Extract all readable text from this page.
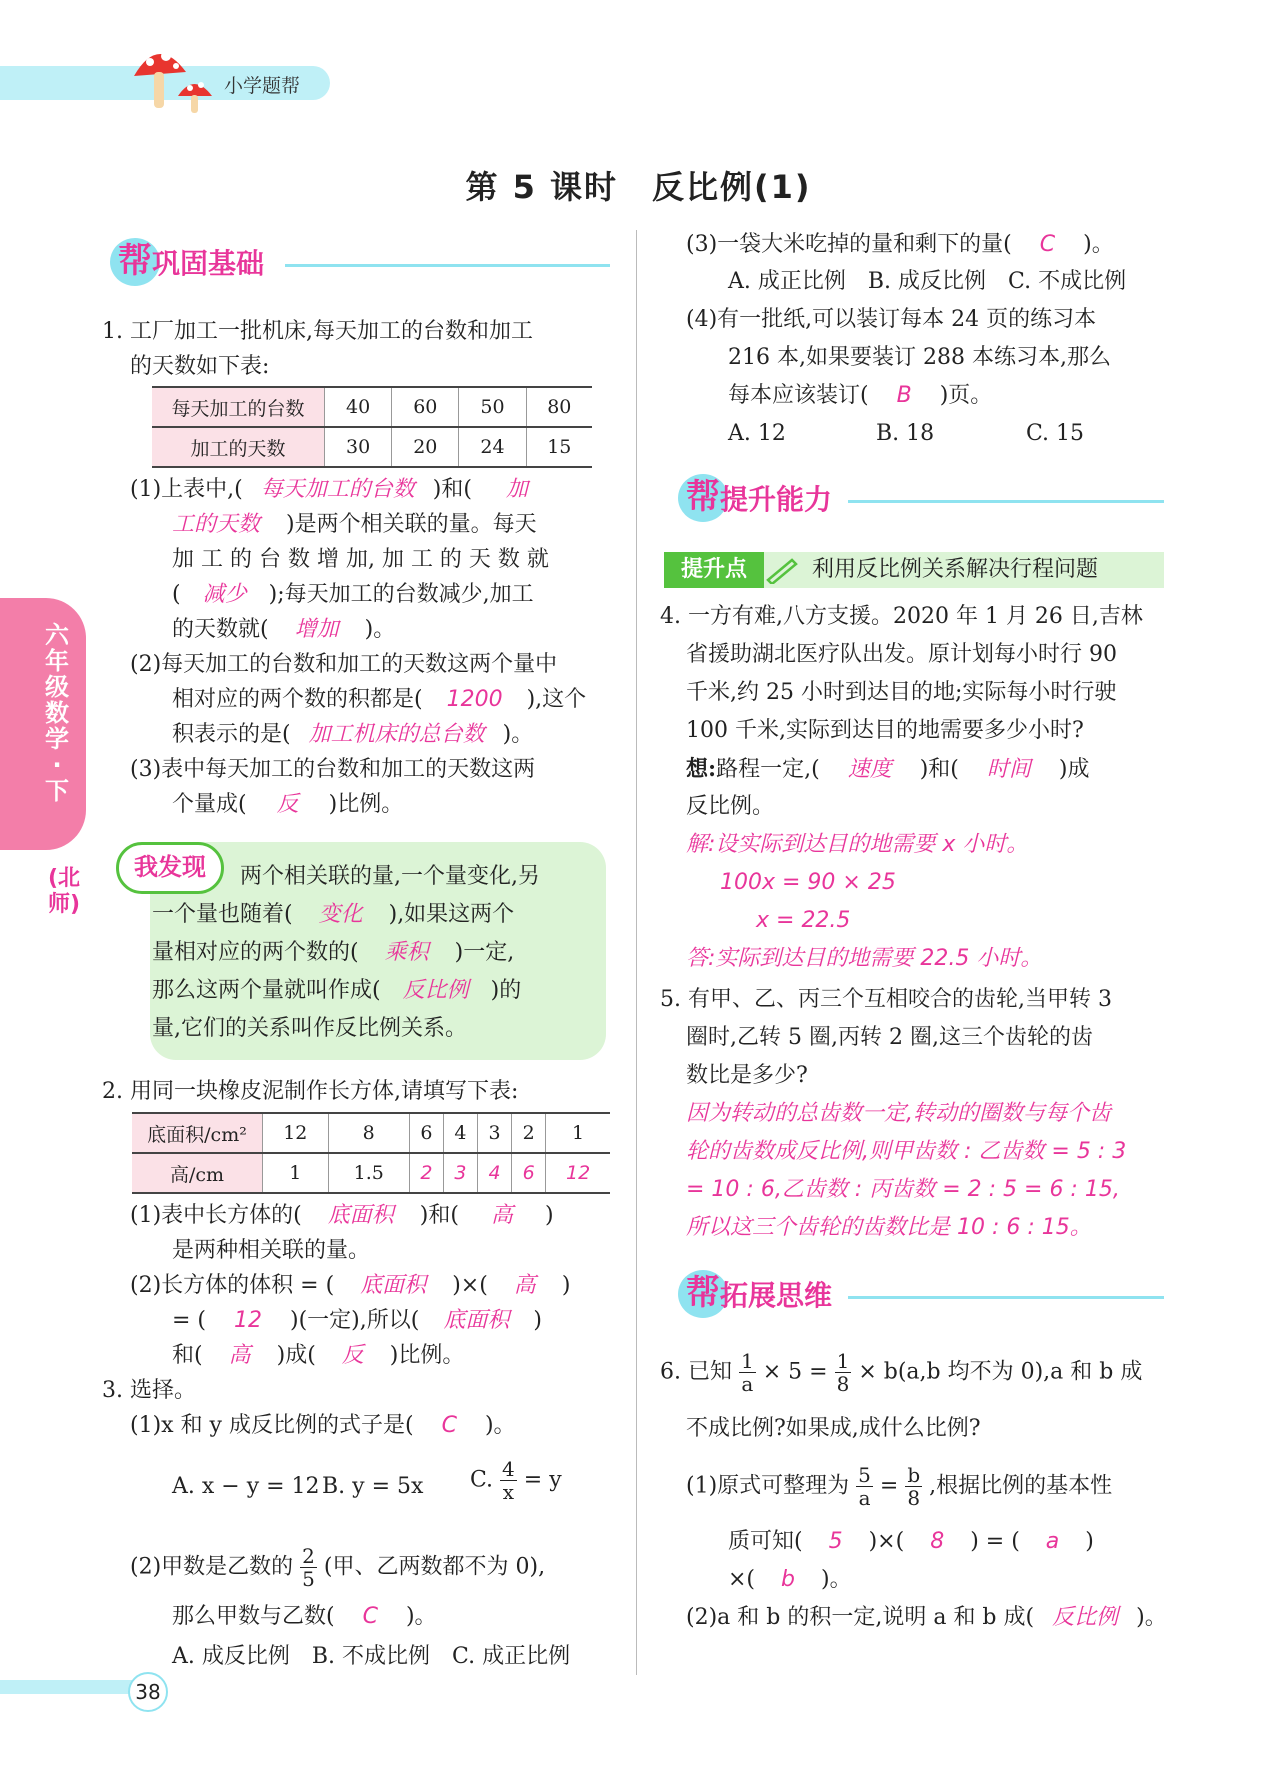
小学题帮
第 5 课时　反比例(1)
六年级数学·下
(北师)
帮 巩固基础
1. 工厂加工一批机床,每天加工的台数和加工
的天数如下表:
每天加工的台数	40	60	50	80
加工的天数	30	20	24	15
(1)上表中,( 每天加工的台数 )和( 加
工的天数 )是两个相关联的量。每天
加 工 的 台 数 增 加, 加 工 的 天 数 就
( 减少 );每天加工的台数减少,加工
的天数就( 增加 )。
(2)每天加工的台数和加工的天数这两个量中
相对应的两个数的积都是( 1200 ),这个
积表示的是( 加工机床的总台数 )。
(3)表中每天加工的台数和加工的天数这两
个量成( 反 )比例。
我发现	两个相关联的量,一个量变化,另
一个量也随着( 变化 ),如果这两个
量相对应的两个数的( 乘积 )一定,
那么这两个量就叫作成( 反比例 )的
量,它们的关系叫作反比例关系。
2. 用同一块橡皮泥制作长方体,请填写下表:
底面积/cm²	12	8	6	4	3	2	1
高/cm	1	1.5	2	3	4	6	12
(1)表中长方体的( 底面积 )和( 高 )
是两种相关联的量。
(2)长方体的体积 = ( 底面积 )×( 高 )
= ( 12 )(一定),所以( 底面积 )
和( 高 )成( 反 )比例。
3. 选择。
(1)x 和 y 成反比例的式子是( C )。
A. x − y = 12 B. y = 5x C. $\frac{4}{x} = y$
(2)甲数是乙数的 $\frac{2}{5}$ (甲、乙两数都不为 0),
那么甲数与乙数( C )。
A. 成反比例　B. 不成比例　C. 成正比例
(3)一袋大米吃掉的量和剩下的量( C )。
A. 成正比例　B. 成反比例　C. 不成比例
(4)有一批纸,可以装订每本 24 页的练习本
216 本,如果要装订 288 本练习本,那么
每本应该装订( B )页。
A. 12	B. 18	C. 15
帮 提升能力
提升点	利用反比例关系解决行程问题
4. 一方有难,八方支援。2020 年 1 月 26 日,吉林
省援助湖北医疗队出发。原计划每小时行 90
千米,约 25 小时到达目的地;实际每小时行驶
100 千米,实际到达目的地需要多少小时?
想:路程一定,( 速度 )和( 时间 )成
反比例。
解:设实际到达目的地需要 x 小时。
100x = 90 × 25
x = 22.5
答:实际到达目的地需要 22.5 小时。
5. 有甲、乙、丙三个互相咬合的齿轮,当甲转 3
圈时,乙转 5 圈,丙转 2 圈,这三个齿轮的齿
数比是多少?
因为转动的总齿数一定,转动的圈数与每个齿
轮的齿数成反比例,则甲齿数 : 乙齿数 = 5 : 3
= 10 : 6,乙齿数 : 丙齿数 = 2 : 5 = 6 : 15,
所以这三个齿轮的齿数比是 10 : 6 : 15。
帮 拓展思维
6. 已知 $\frac{1}{a} \times 5 = \frac{1}{8} \times b(a,b$ 均不为 0),a 和 b 成
不成比例?如果成,成什么比例?
(1)原式可整理为 $\frac{5}{a} = \frac{b}{8}$ ,根据比例的基本性
质可知( 5 )×( 8 ) = ( a )
×( b )。
(2)a 和 b 的积一定,说明 a 和 b 成( 反比例 )。
38
